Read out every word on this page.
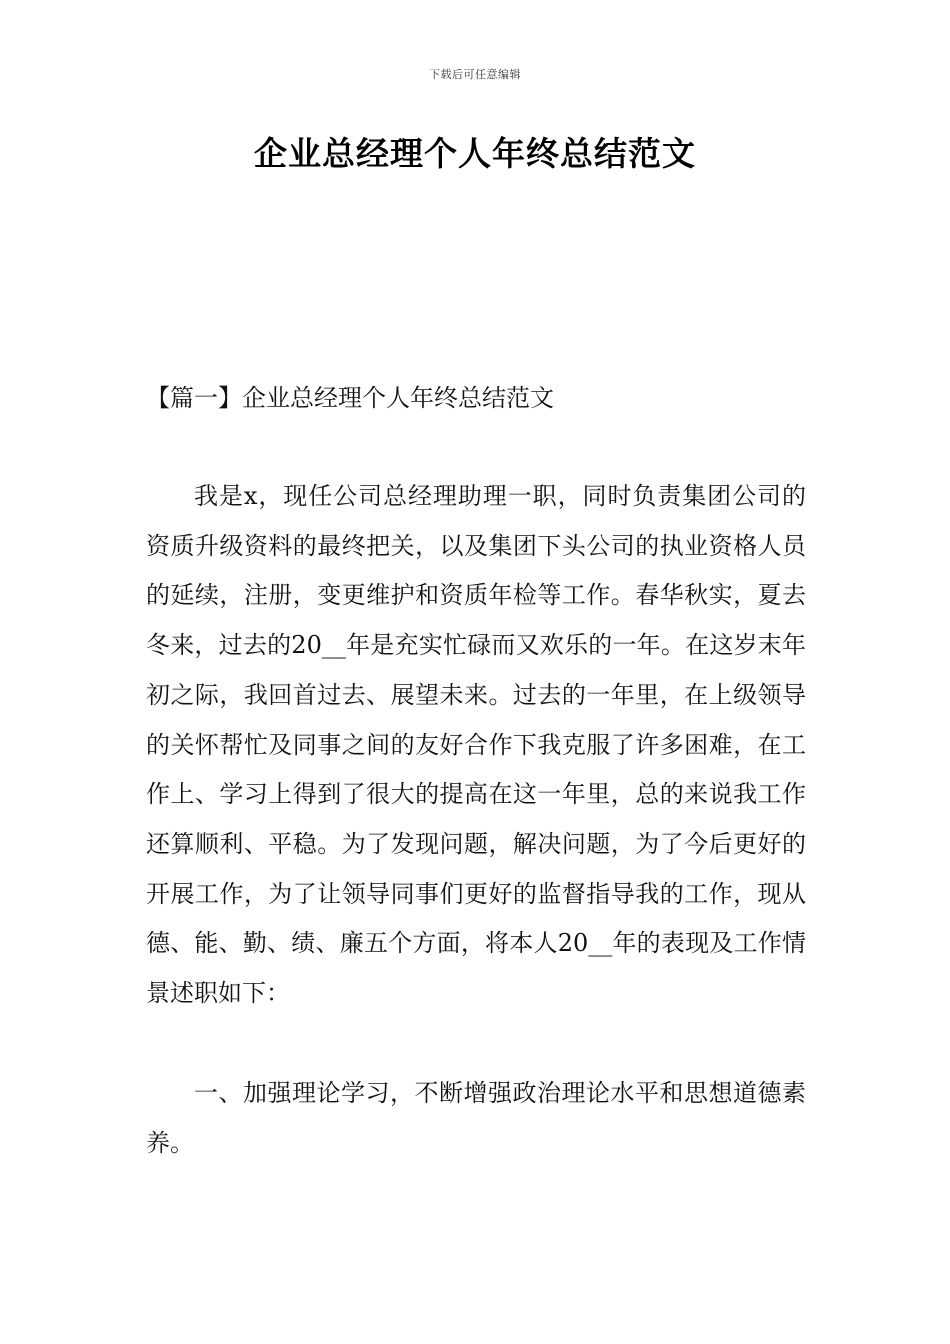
下载后可任意编辑
企业总经理个人年终总结范文
【篇一】企业总经理个人年终总结范文

我是x，现任公司总经理助理一职，同时负责集团公司的资质升级资料的最终把关，以及集团下头公司的执业资格人员的延续，注册，变更维护和资质年检等工作。春华秋实，夏去冬来，过去的20__年是充实忙碌而又欢乐的一年。在这岁末年初之际，我回首过去、展望未来。过去的一年里，在上级领导的关怀帮忙及同事之间的友好合作下我克服了许多困难，在工作上、学习上得到了很大的提高在这一年里，总的来说我工作还算顺利、平稳。为了发现问题，解决问题，为了今后更好的开展工作，为了让领导同事们更好的监督指导我的工作，现从德、能、勤、绩、廉五个方面，将本人20__年的表现及工作情景述职如下：

一、加强理论学习，不断增强政治理论水平和思想道德素养。
